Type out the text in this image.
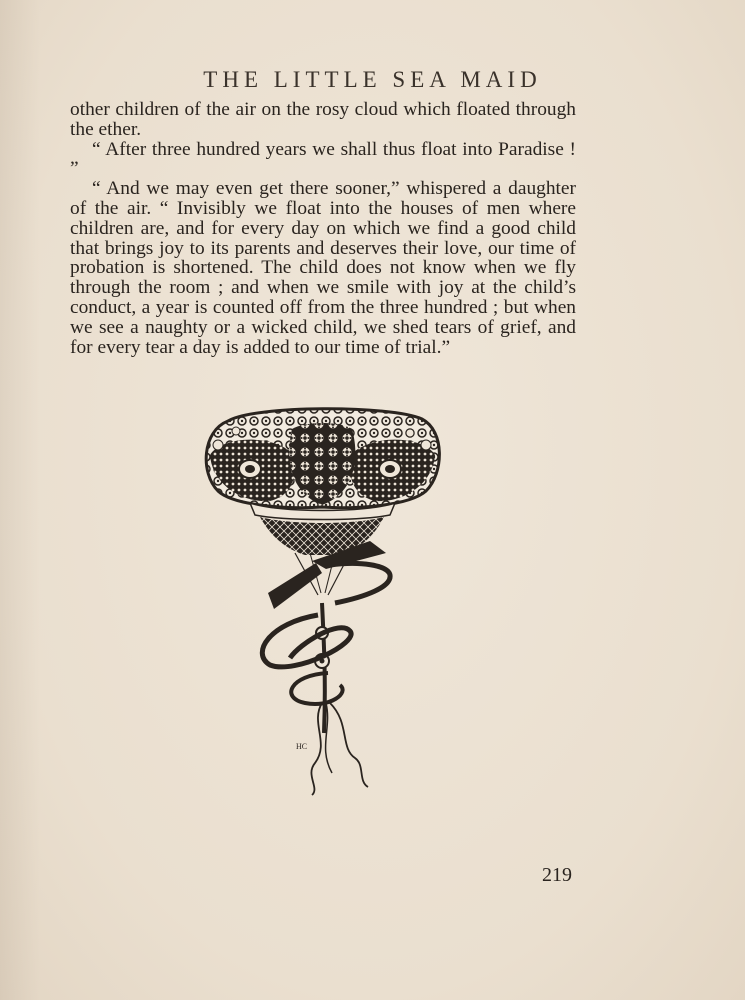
THE LITTLE SEA MAID

other children of the air on the rosy cloud which floated through the ether.

“ After three hundred years we shall thus float into Paradise ! ”

“ And we may even get there sooner,” whispered a daughter of the air. “ Invisibly we float into the houses of men where children are, and for every day on which we find a good child that brings joy to its parents and deserves their love, our time of probation is shortened. The child does not know when we fly through the room ; and when we smile with joy at the child’s conduct, a year is counted off from the three hundred ; but when we see a naughty or a wicked child, we shed tears of grief, and for every tear a day is added to our time of trial.”

HC
219
